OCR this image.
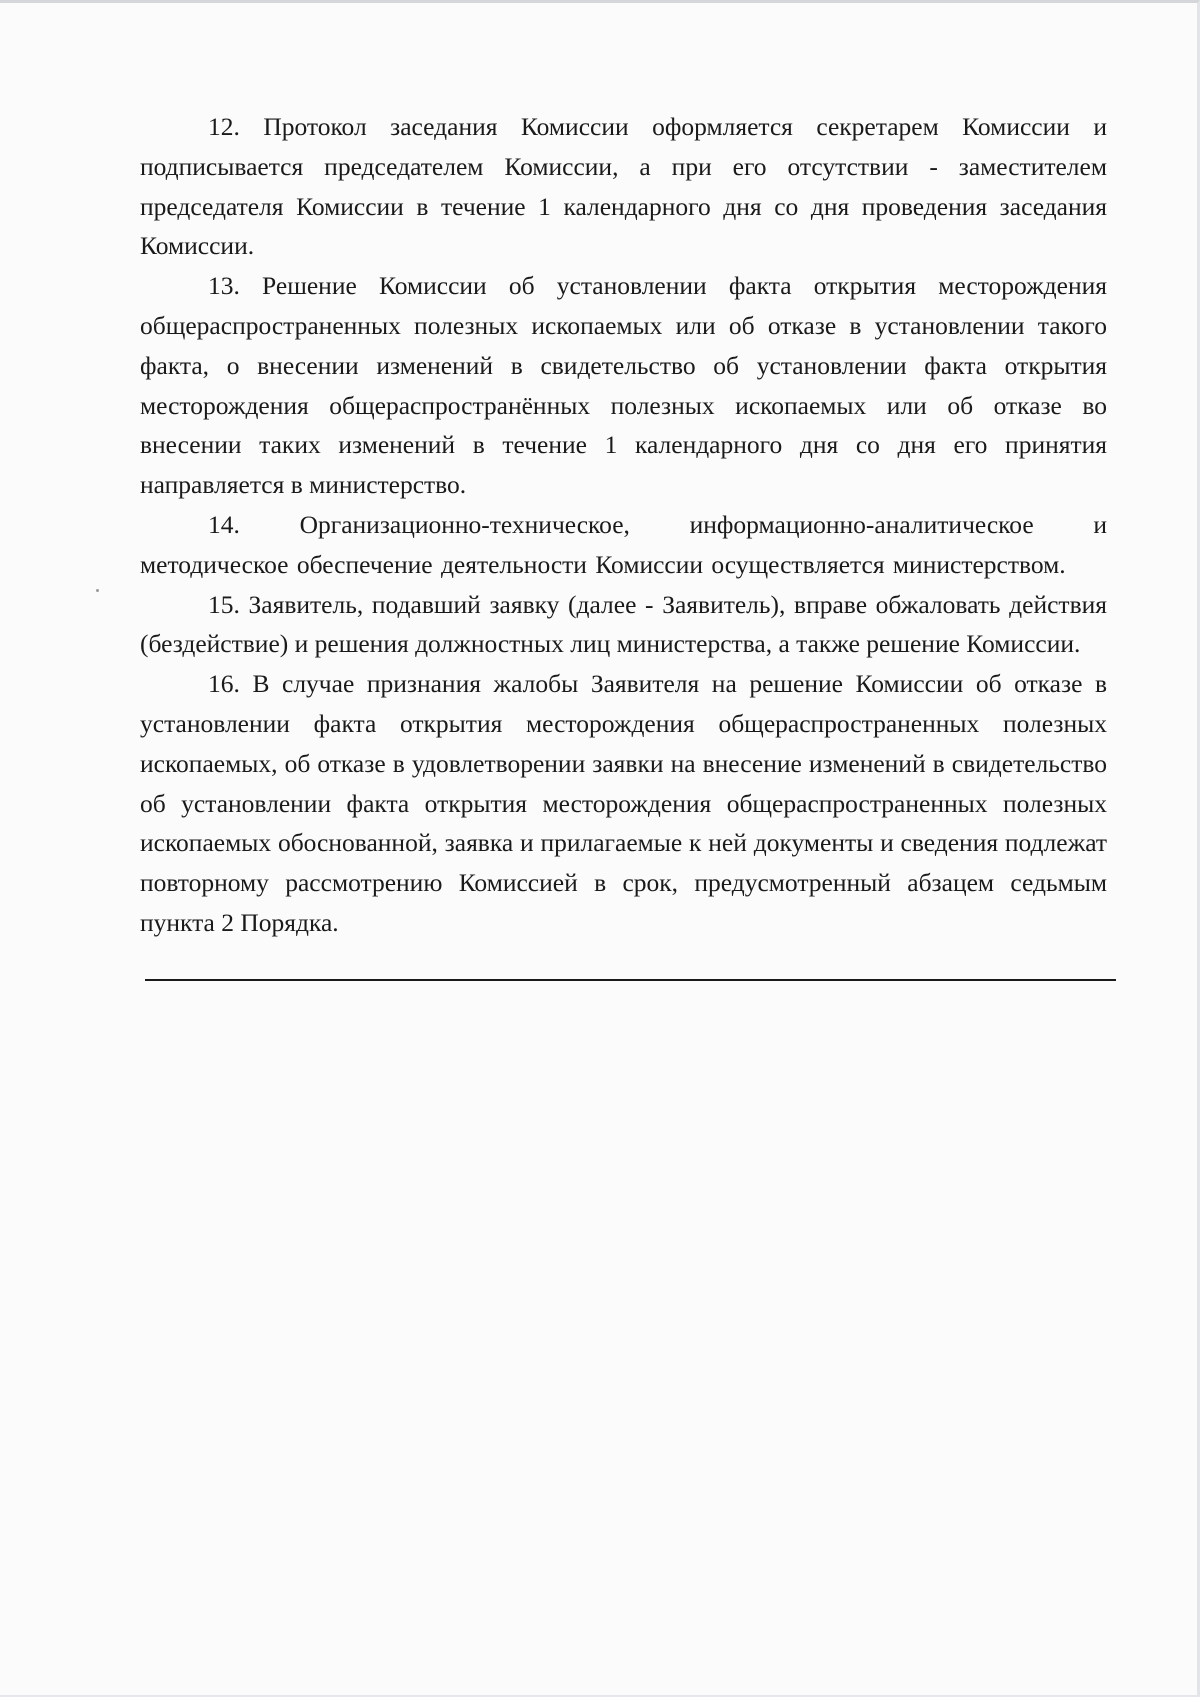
12. Протокол заседания Комиссии оформляется секретарем Комиссии и подписывается председателем Комиссии, а при его отсутствии - заместителем председателя Комиссии в течение 1 календарного дня со дня проведения заседания Комиссии.

13. Решение Комиссии об установлении факта открытия месторождения общераспространенных полезных ископаемых или об отказе в установлении такого факта, о внесении изменений в свидетельство об установлении факта открытия месторождения общераспространённых полезных ископаемых или об отказе во внесении таких изменений в течение 1 календарного дня со дня его принятия направляется в министерство.

14. Организационно-техническое, информационно-аналитическое и методическое обеспечение деятельности Комиссии осуществляется министерством.

15. Заявитель, подавший заявку (далее - Заявитель), вправе обжаловать действия (бездействие) и решения должностных лиц министерства, а также решение Комиссии.

16. В случае признания жалобы Заявителя на решение Комиссии об отказе в установлении факта открытия месторождения общераспространенных полезных ископаемых, об отказе в удовлетворении заявки на внесение изменений в свидетельство об установлении факта открытия месторождения общераспространенных полезных ископаемых обоснованной, заявка и прилагаемые к ней документы и сведения подлежат повторному рассмотрению Комиссией в срок, предусмотренный абзацем седьмым пункта 2 Порядка.
